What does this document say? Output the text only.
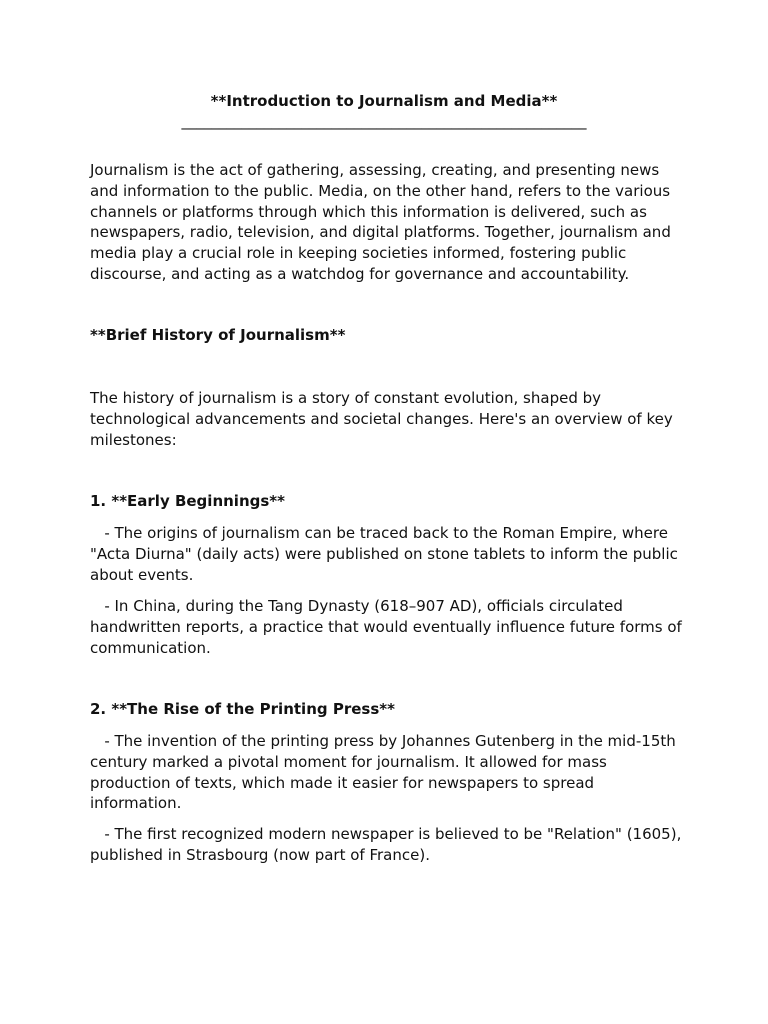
**Introduction to Journalism and Media**

______________________________________________________

Journalism is the act of gathering, assessing, creating, and presenting news and information to the public. Media, on the other hand, refers to the various channels or platforms through which this information is delivered, such as newspapers, radio, television, and digital platforms. Together, journalism and media play a crucial role in keeping societies informed, fostering public discourse, and acting as a watchdog for governance and accountability.

**Brief History of Journalism**

The history of journalism is a story of constant evolution, shaped by technological advancements and societal changes. Here's an overview of key milestones:

1. **Early Beginnings**

- The origins of journalism can be traced back to the Roman Empire, where "Acta Diurna" (daily acts) were published on stone tablets to inform the public about events.

- In China, during the Tang Dynasty (618–907 AD), officials circulated handwritten reports, a practice that would eventually influence future forms of communication.

2. **The Rise of the Printing Press**

- The invention of the printing press by Johannes Gutenberg in the mid-15th century marked a pivotal moment for journalism. It allowed for mass production of texts, which made it easier for newspapers to spread information.

- The first recognized modern newspaper is believed to be "Relation" (1605), published in Strasbourg (now part of France).
